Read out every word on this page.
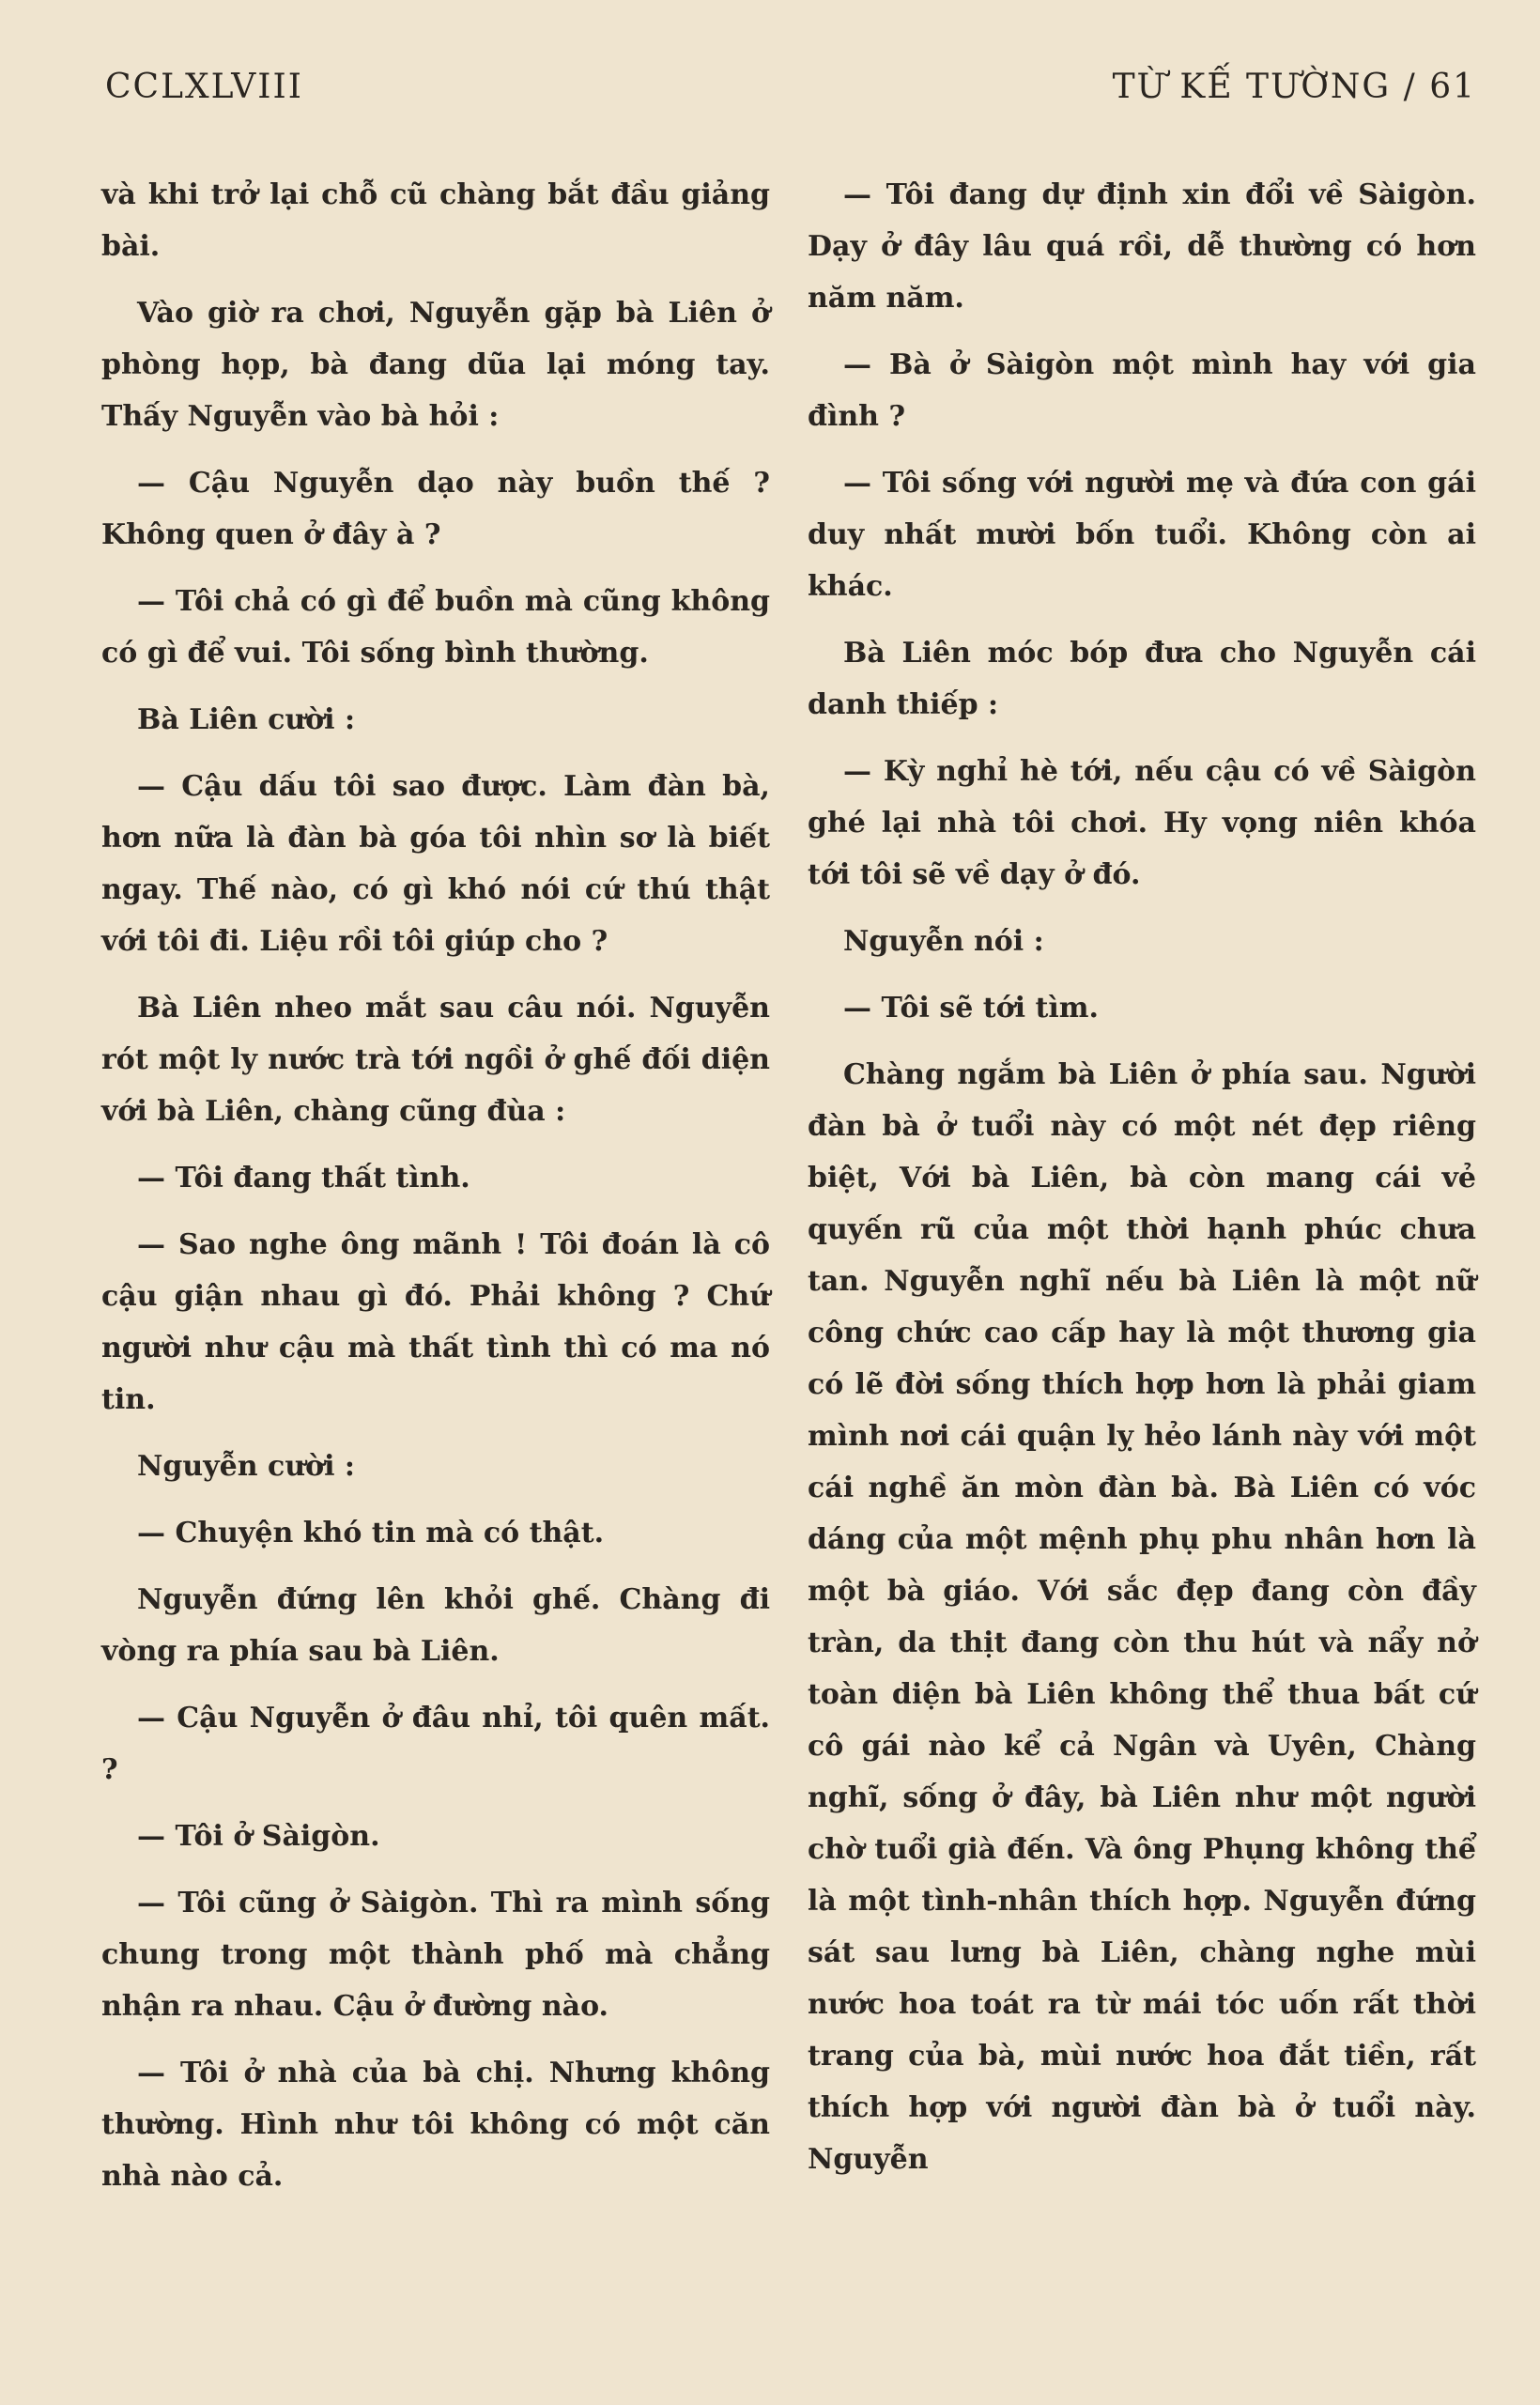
CCLXLVIII	TỪ KẾ TƯỜNG / 61

và khi trở lại chỗ cũ chàng bắt đầu giảng bài.

Vào giờ ra chơi, Nguyễn gặp bà Liên ở phòng họp, bà đang dũa lại móng tay. Thấy Nguyễn vào bà hỏi :

— Cậu Nguyễn dạo này buồn thế ? Không quen ở đây à ?

— Tôi chả có gì để buồn mà cũng không có gì để vui. Tôi sống bình thường.

Bà Liên cười :

— Cậu dấu tôi sao được. Làm đàn bà, hơn nữa là đàn bà góa tôi nhìn sơ là biết ngay. Thế nào, có gì khó nói cứ thú thật với tôi đi. Liệu rồi tôi giúp cho ?

Bà Liên nheo mắt sau câu nói. Nguyễn rót một ly nước trà tới ngồi ở ghế đối diện với bà Liên, chàng cũng đùa :

— Tôi đang thất tình.

— Sao nghe ông mãnh ! Tôi đoán là cô cậu giận nhau gì đó. Phải không ? Chứ người như cậu mà thất tình thì có ma nó tin.

Nguyễn cười :

— Chuyện khó tin mà có thật.

Nguyễn đứng lên khỏi ghế. Chàng đi vòng ra phía sau bà Liên.

— Cậu Nguyễn ở đâu nhỉ, tôi quên mất. ?

— Tôi ở Sàigòn.

— Tôi cũng ở Sàigòn. Thì ra mình sống chung trong một thành phố mà chẳng nhận ra nhau. Cậu ở đường nào.

— Tôi ở nhà của bà chị. Nhưng không thường. Hình như tôi không có một căn nhà nào cả.

— Tôi đang dự định xin đổi về Sàigòn. Dạy ở đây lâu quá rồi, dễ thường có hơn năm năm.

— Bà ở Sàigòn một mình hay với gia đình ?

— Tôi sống với người mẹ và đứa con gái duy nhất mười bốn tuổi. Không còn ai khác.

Bà Liên móc bóp đưa cho Nguyễn cái danh thiếp :

— Kỳ nghỉ hè tới, nếu cậu có về Sàigòn ghé lại nhà tôi chơi. Hy vọng niên khóa tới tôi sẽ về dạy ở đó.

Nguyễn nói :

— Tôi sẽ tới tìm.

Chàng ngắm bà Liên ở phía sau. Người đàn bà ở tuổi này có một nét đẹp riêng biệt, Với bà Liên, bà còn mang cái vẻ quyến rũ của một thời hạnh phúc chưa tan. Nguyễn nghĩ nếu bà Liên là một nữ công chức cao cấp hay là một thương gia có lẽ đời sống thích hợp hơn là phải giam mình nơi cái quận lỵ hẻo lánh này với một cái nghề ăn mòn đàn bà. Bà Liên có vóc dáng của một mệnh phụ phu nhân hơn là một bà giáo. Với sắc đẹp đang còn đầy tràn, da thịt đang còn thu hút và nẩy nở toàn diện bà Liên không thể thua bất cứ cô gái nào kể cả Ngân và Uyên, Chàng nghĩ, sống ở đây, bà Liên như một người chờ tuổi già đến. Và ông Phụng không thể là một tình-nhân thích hợp. Nguyễn đứng sát sau lưng bà Liên, chàng nghe mùi nước hoa toát ra từ mái tóc uốn rất thời trang của bà, mùi nước hoa đắt tiền, rất thích hợp với người đàn bà ở tuổi này. Nguyễn
